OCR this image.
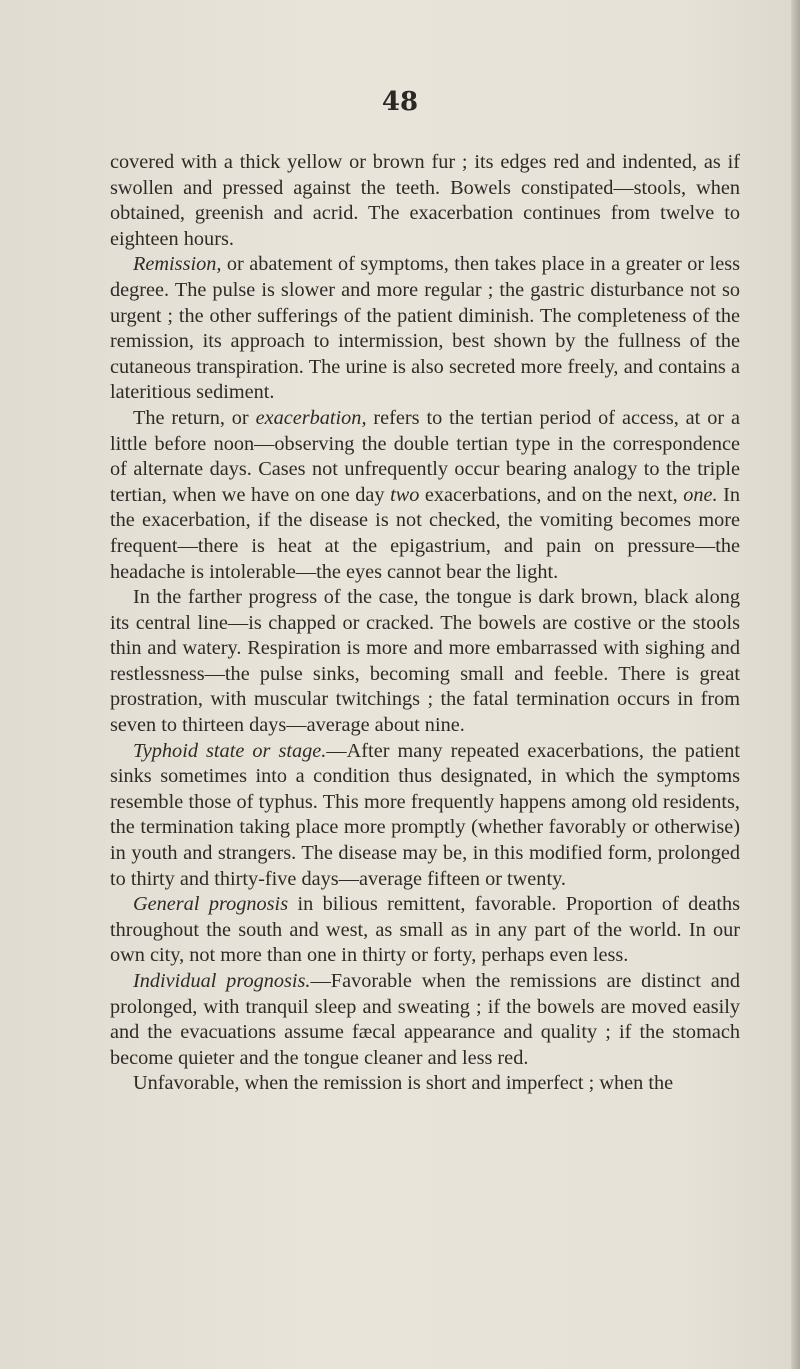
48

covered with a thick yellow or brown fur ; its edges red and indented, as if swollen and pressed against the teeth. Bowels constipated—stools, when obtained, greenish and acrid. The exacerbation continues from twelve to eighteen hours.

Remission, or abatement of symptoms, then takes place in a greater or less degree. The pulse is slower and more regular ; the gastric disturbance not so urgent ; the other sufferings of the patient diminish. The completeness of the remission, its approach to intermission, best shown by the fullness of the cutaneous transpiration. The urine is also secreted more freely, and contains a lateritious sediment.

The return, or exacerbation, refers to the tertian period of access, at or a little before noon—observing the double tertian type in the correspondence of alternate days. Cases not unfrequently occur bearing analogy to the triple tertian, when we have on one day two exacerbations, and on the next, one. In the exacerbation, if the disease is not checked, the vomiting becomes more frequent—there is heat at the epigastrium, and pain on pressure—the headache is intolerable—the eyes cannot bear the light.

In the farther progress of the case, the tongue is dark brown, black along its central line—is chapped or cracked. The bowels are costive or the stools thin and watery. Respiration is more and more embarrassed with sighing and restlessness—the pulse sinks, becoming small and feeble. There is great prostration, with muscular twitchings ; the fatal termination occurs in from seven to thirteen days—average about nine.

Typhoid state or stage.—After many repeated exacerbations, the patient sinks sometimes into a condition thus designated, in which the symptoms resemble those of typhus. This more frequently happens among old residents, the termination taking place more promptly (whether favorably or otherwise) in youth and strangers. The disease may be, in this modified form, prolonged to thirty and thirty-five days—average fifteen or twenty.

General prognosis in bilious remittent, favorable. Proportion of deaths throughout the south and west, as small as in any part of the world. In our own city, not more than one in thirty or forty, perhaps even less.

Individual prognosis.—Favorable when the remissions are distinct and prolonged, with tranquil sleep and sweating ; if the bowels are moved easily and the evacuations assume fæcal appearance and quality ; if the stomach become quieter and the tongue cleaner and less red.

Unfavorable, when the remission is short and imperfect ; when the
